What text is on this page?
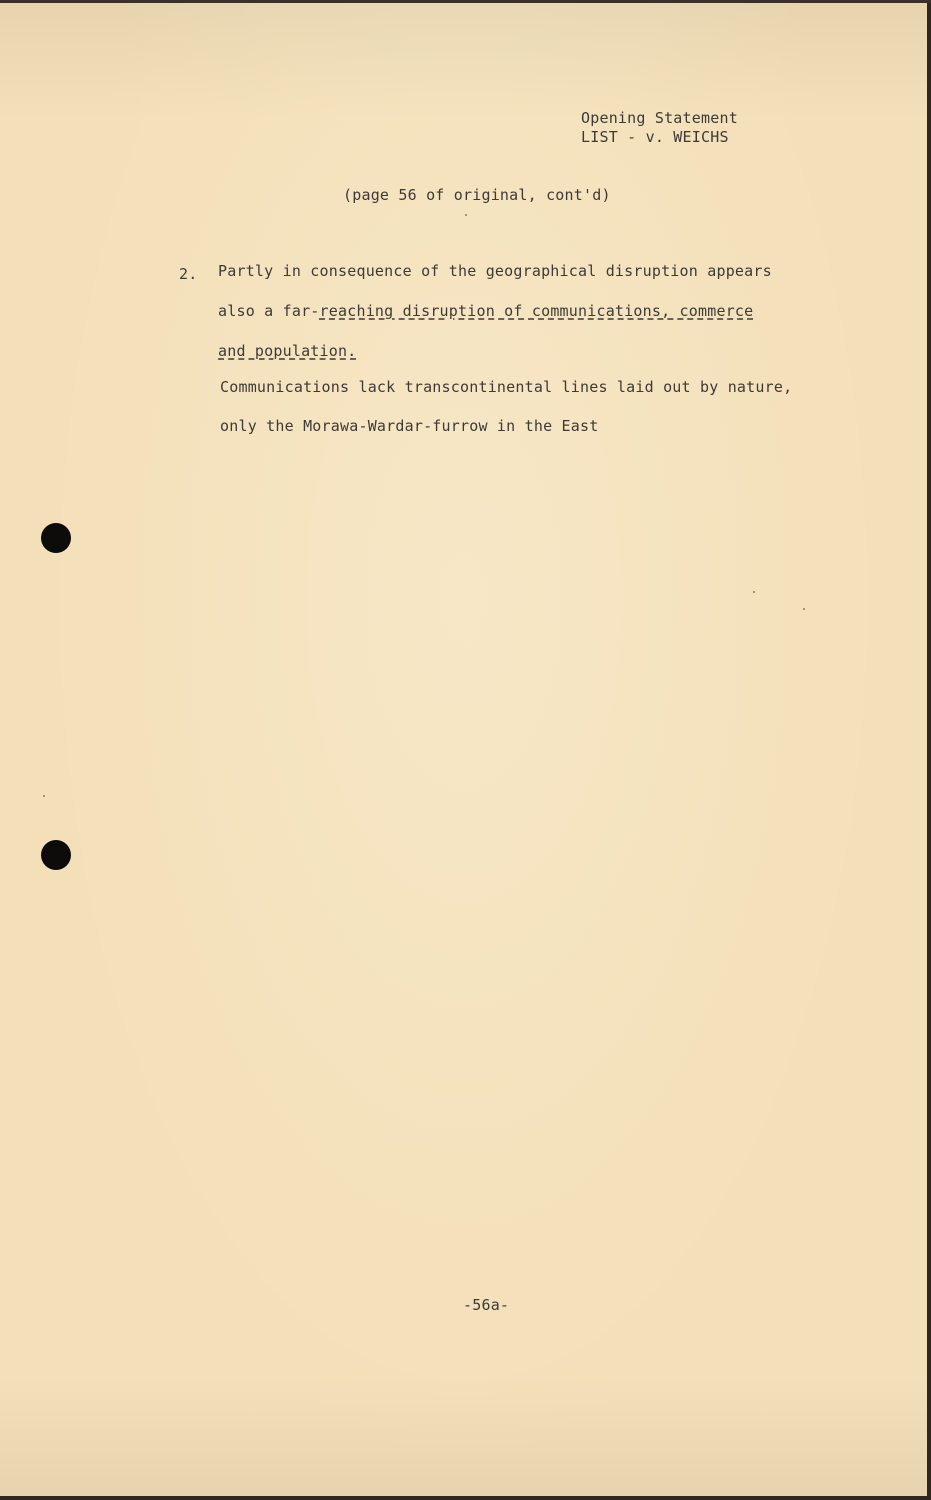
Opening Statement
LIST - v. WEICHS
(page 56 of original, cont'd)
2. Partly in consequence of the geographical disruption appears
also a far-reaching disruption of communications, commerce
and population.
Communications lack transcontinental lines laid out by nature,
only the Morawa-Wardar-furrow in the East
-56a-
